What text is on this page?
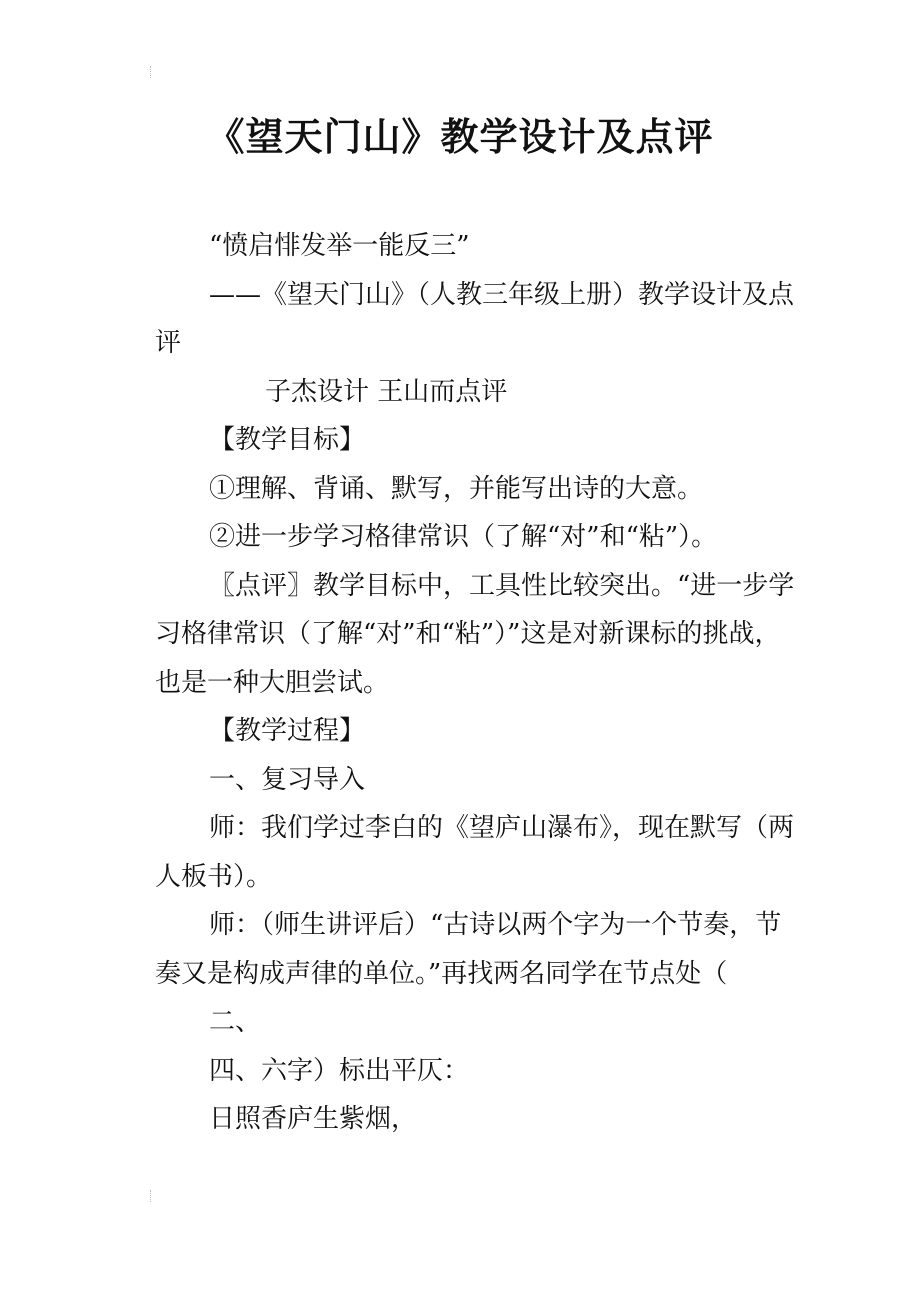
《望天门山》教学设计及点评

“愤启悱发举一能反三”

——《望天门山》（人教三年级上册）教学设计及点评

子杰设计 王山而点评

【教学目标】

①理解、背诵、默写，并能写出诗的大意。

②进一步学习格律常识（了解“对”和“粘”）。

〖点评〗教学目标中，工具性比较突出。“进一步学习格律常识（了解“对”和“粘”）”这是对新课标的挑战，也是一种大胆尝试。

【教学过程】

一、复习导入

师：我们学过李白的《望庐山瀑布》，现在默写（两人板书）。

师：（师生讲评后）“古诗以两个字为一个节奏，节奏又是构成声律的单位。”再找两名同学在节点处（

二、

四、六字）标出平仄：

日照香庐生紫烟，
